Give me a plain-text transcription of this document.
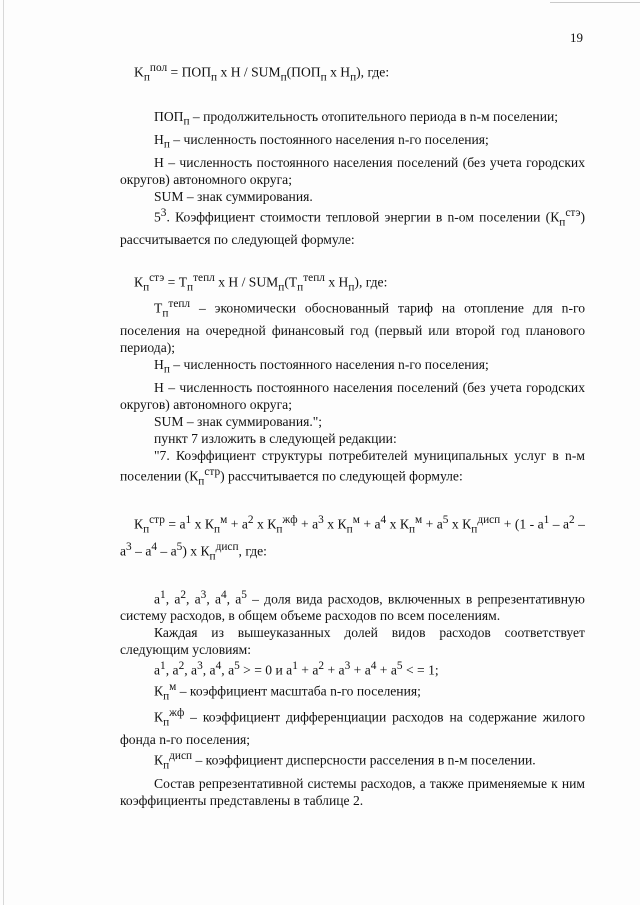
19

$K_п^{пол} = ПОП_п$ х Н / $SUM_п(ПОП_п$ х $Н_п$), где:

$ПОП_п$ – продолжительность отопительного периода в n-м поселении;

$Н_п$ – численность постоянного населения n-го поселения;

Н – численность постоянного населения поселений (без учета городских округов) автономного округа;

SUM – знак суммирования.

$5^3$. Коэффициент стоимости тепловой энергии в n-ом поселении $(К_п^{стэ})$ рассчитывается по следующей формуле:

$К_п^{стэ} = Т_п^{тепл}$ х Н / $SUM_п(Т_п^{тепл}$ х $Н_п$), где:

$Т_п^{тепл}$ – экономически обоснованный тариф на отопление для n-го поселения на очередной финансовый год (первый или второй год планового периода);

$Н_п$ – численность постоянного населения n-го поселения;

Н – численность постоянного населения поселений (без учета городских округов) автономного округа;

SUM – знак суммирования.";

пункт 7 изложить в следующей редакции:

"7. Коэффициент структуры потребителей муниципальных услуг в n-м поселении $(К_п^{стр})$ рассчитывается по следующей формуле:

$К_п^{стр} = а^1$ х $К_п^м + а^2$ х $К_п^{жф} + а^3$ х $К_п^м + а^4$ х $К_п^м + а^5$ х $К_п^{дисп} + (1 - а^1 - а^2 - а^3 - а^4 - а^5)$ х $К_п^{дисп}$, где:

$а^1$, $а^2$, $а^3$, $а^4$, $а^5$ – доля вида расходов, включенных в репрезентативную систему расходов, в общем объеме расходов по всем поселениям.

Каждая из вышеуказанных долей видов расходов соответствует следующим условиям:

$а^1$, $а^2$, $а^3$, $а^4$, $а^5$ > = 0 и $а^1 + а^2 + а^3 + а^4 + а^5$ < = 1;

$К_п^м$ – коэффициент масштаба n-го поселения;

$К_п^{жф}$ – коэффициент дифференциации расходов на содержание жилого фонда n-го поселения;

$К_п^{дисп}$ – коэффициент дисперсности расселения в n-м поселении.

Состав репрезентативной системы расходов, а также применяемые к ним коэффициенты представлены в таблице 2.
